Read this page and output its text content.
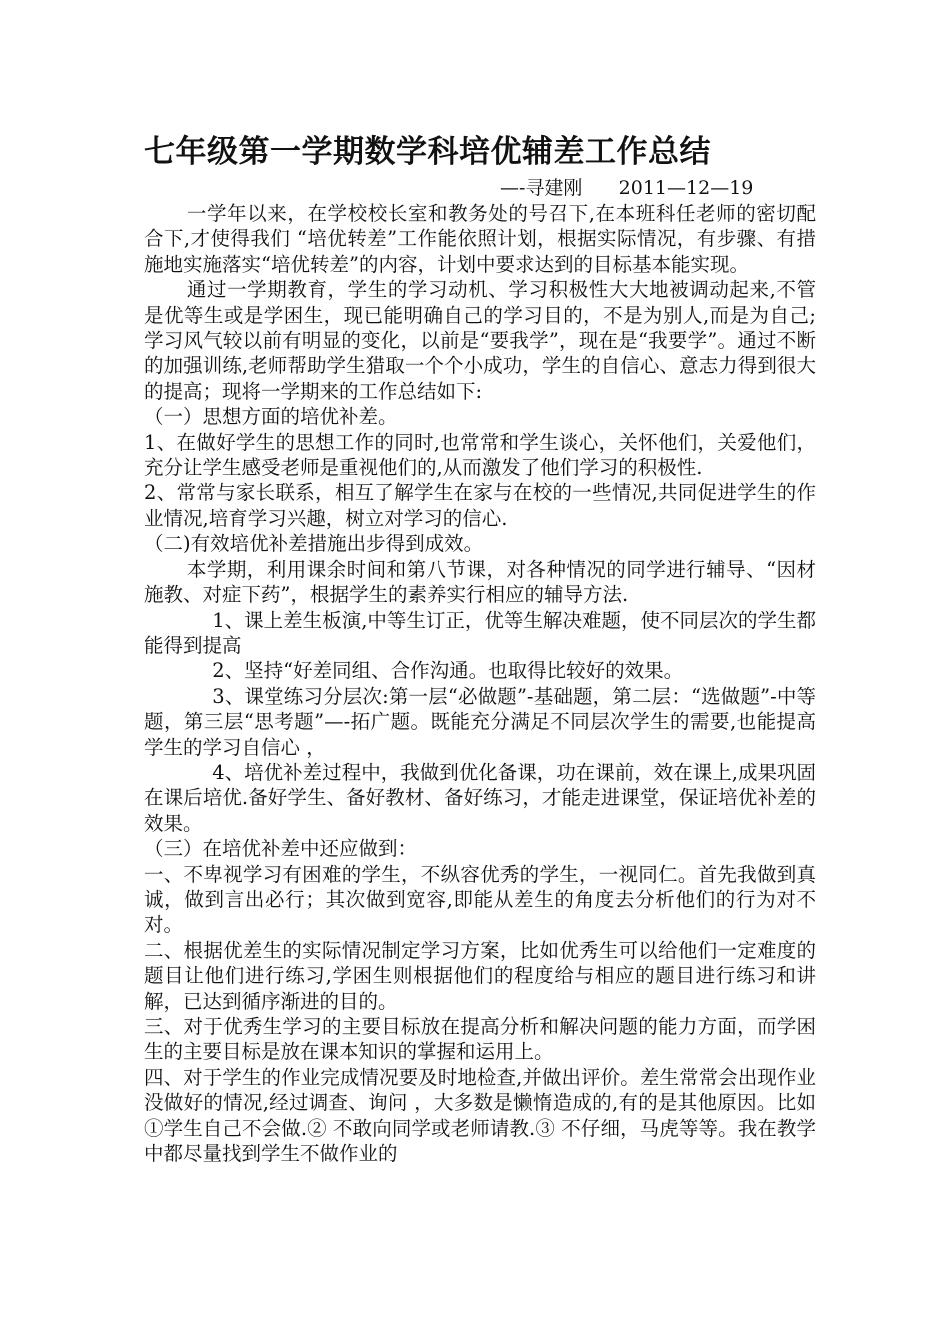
七年级第一学期数学科培优辅差工作总结
—-寻建刚      2011—12—19

一学年以来，在学校校长室和教务处的号召下,在本班科任老师的密切配合下,才使得我们 “培优转差”工作能依照计划，根据实际情况，有步骤、有措施地实施落实“培优转差”的内容，计划中要求达到的目标基本能实现。

通过一学期教育，学生的学习动机、学习积极性大大地被调动起来,不管是优等生或是学困生，现已能明确自己的学习目的，不是为别人,而是为自己;学习风气较以前有明显的变化，以前是“要我学”，现在是“我要学”。通过不断的加强训练,老师帮助学生猎取一个个小成功，学生的自信心、意志力得到很大的提高；现将一学期来的工作总结如下:

（一）思想方面的培优补差。

1、在做好学生的思想工作的同时,也常常和学生谈心，关怀他们，关爱他们，充分让学生感受老师是重视他们的,从而激发了他们学习的积极性.

2、常常与家长联系，相互了解学生在家与在校的一些情况,共同促进学生的作业情况,培育学习兴趣，树立对学习的信心.

（二)有效培优补差措施出步得到成效。

本学期，利用课余时间和第八节课，对各种情况的同学进行辅导、“因材施教、对症下药”，根据学生的素养实行相应的辅导方法.

1、课上差生板演,中等生订正，优等生解决难题，使不同层次的学生都能得到提高

2、坚持“好差同组、合作沟通。也取得比较好的效果。

3、课堂练习分层次:第一层“必做题”-基础题，第二层：“选做题”-中等题，第三层“思考题”—-拓广题。既能充分满足不同层次学生的需要,也能提高学生的学习自信心 ，

4、培优补差过程中，我做到优化备课，功在课前，效在课上,成果巩固在课后培优.备好学生、备好教材、备好练习，才能走进课堂，保证培优补差的效果。

（三）在培优补差中还应做到：

一、不卑视学习有困难的学生，不纵容优秀的学生，一视同仁。首先我做到真诚，做到言出必行；其次做到宽容,即能从差生的角度去分析他们的行为对不对。

二、根据优差生的实际情况制定学习方案，比如优秀生可以给他们一定难度的题目让他们进行练习,学困生则根据他们的程度给与相应的题目进行练习和讲解，已达到循序渐进的目的。

三、对于优秀生学习的主要目标放在提高分析和解决问题的能力方面，而学困生的主要目标是放在课本知识的掌握和运用上。

四、对于学生的作业完成情况要及时地检查,并做出评价。差生常常会出现作业没做好的情况,经过调查、询问 ，大多数是懒惰造成的,有的是其他原因。比如①学生自己不会做.② 不敢向同学或老师请教.③ 不仔细，马虎等等。我在教学中都尽量找到学生不做作业的
